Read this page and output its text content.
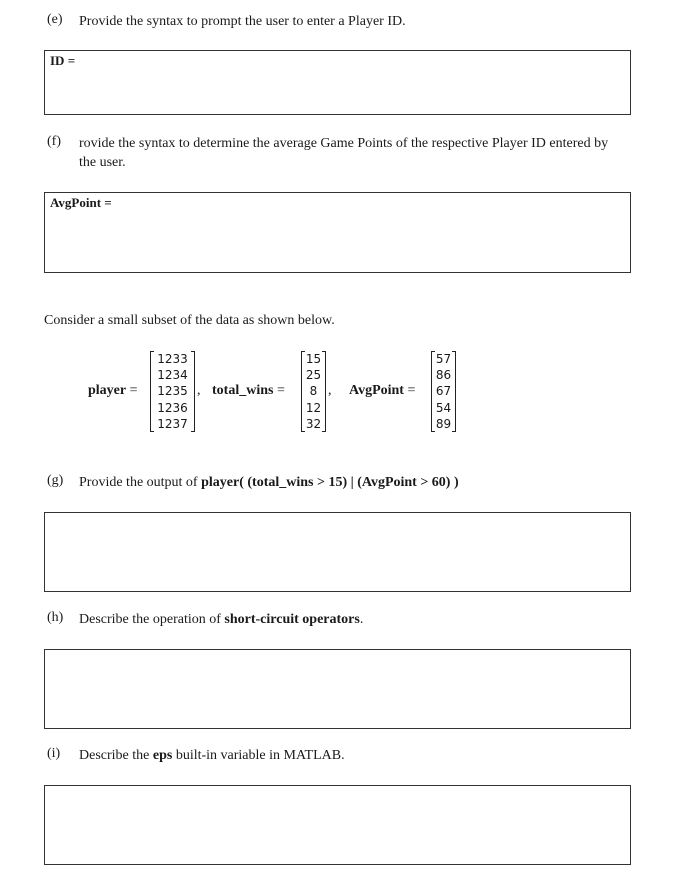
(e) Provide the syntax to prompt the user to enter a Player ID.
ID =
(f) rovide the syntax to determine the average Game Points of the respective Player ID entered by
the user.
AvgPoint =
Consider a small subset of the data as shown below.
player =
1233
1234
1235
1236
1237
, total_wins =
15
25
8
12
32
, AvgPoint =
57
86
67
54
89
(g) Provide the output of player( (total_wins > 15) | (AvgPoint > 60) )
(h) Describe the operation of short-circuit operators.
(i) Describe the eps built-in variable in MATLAB.
